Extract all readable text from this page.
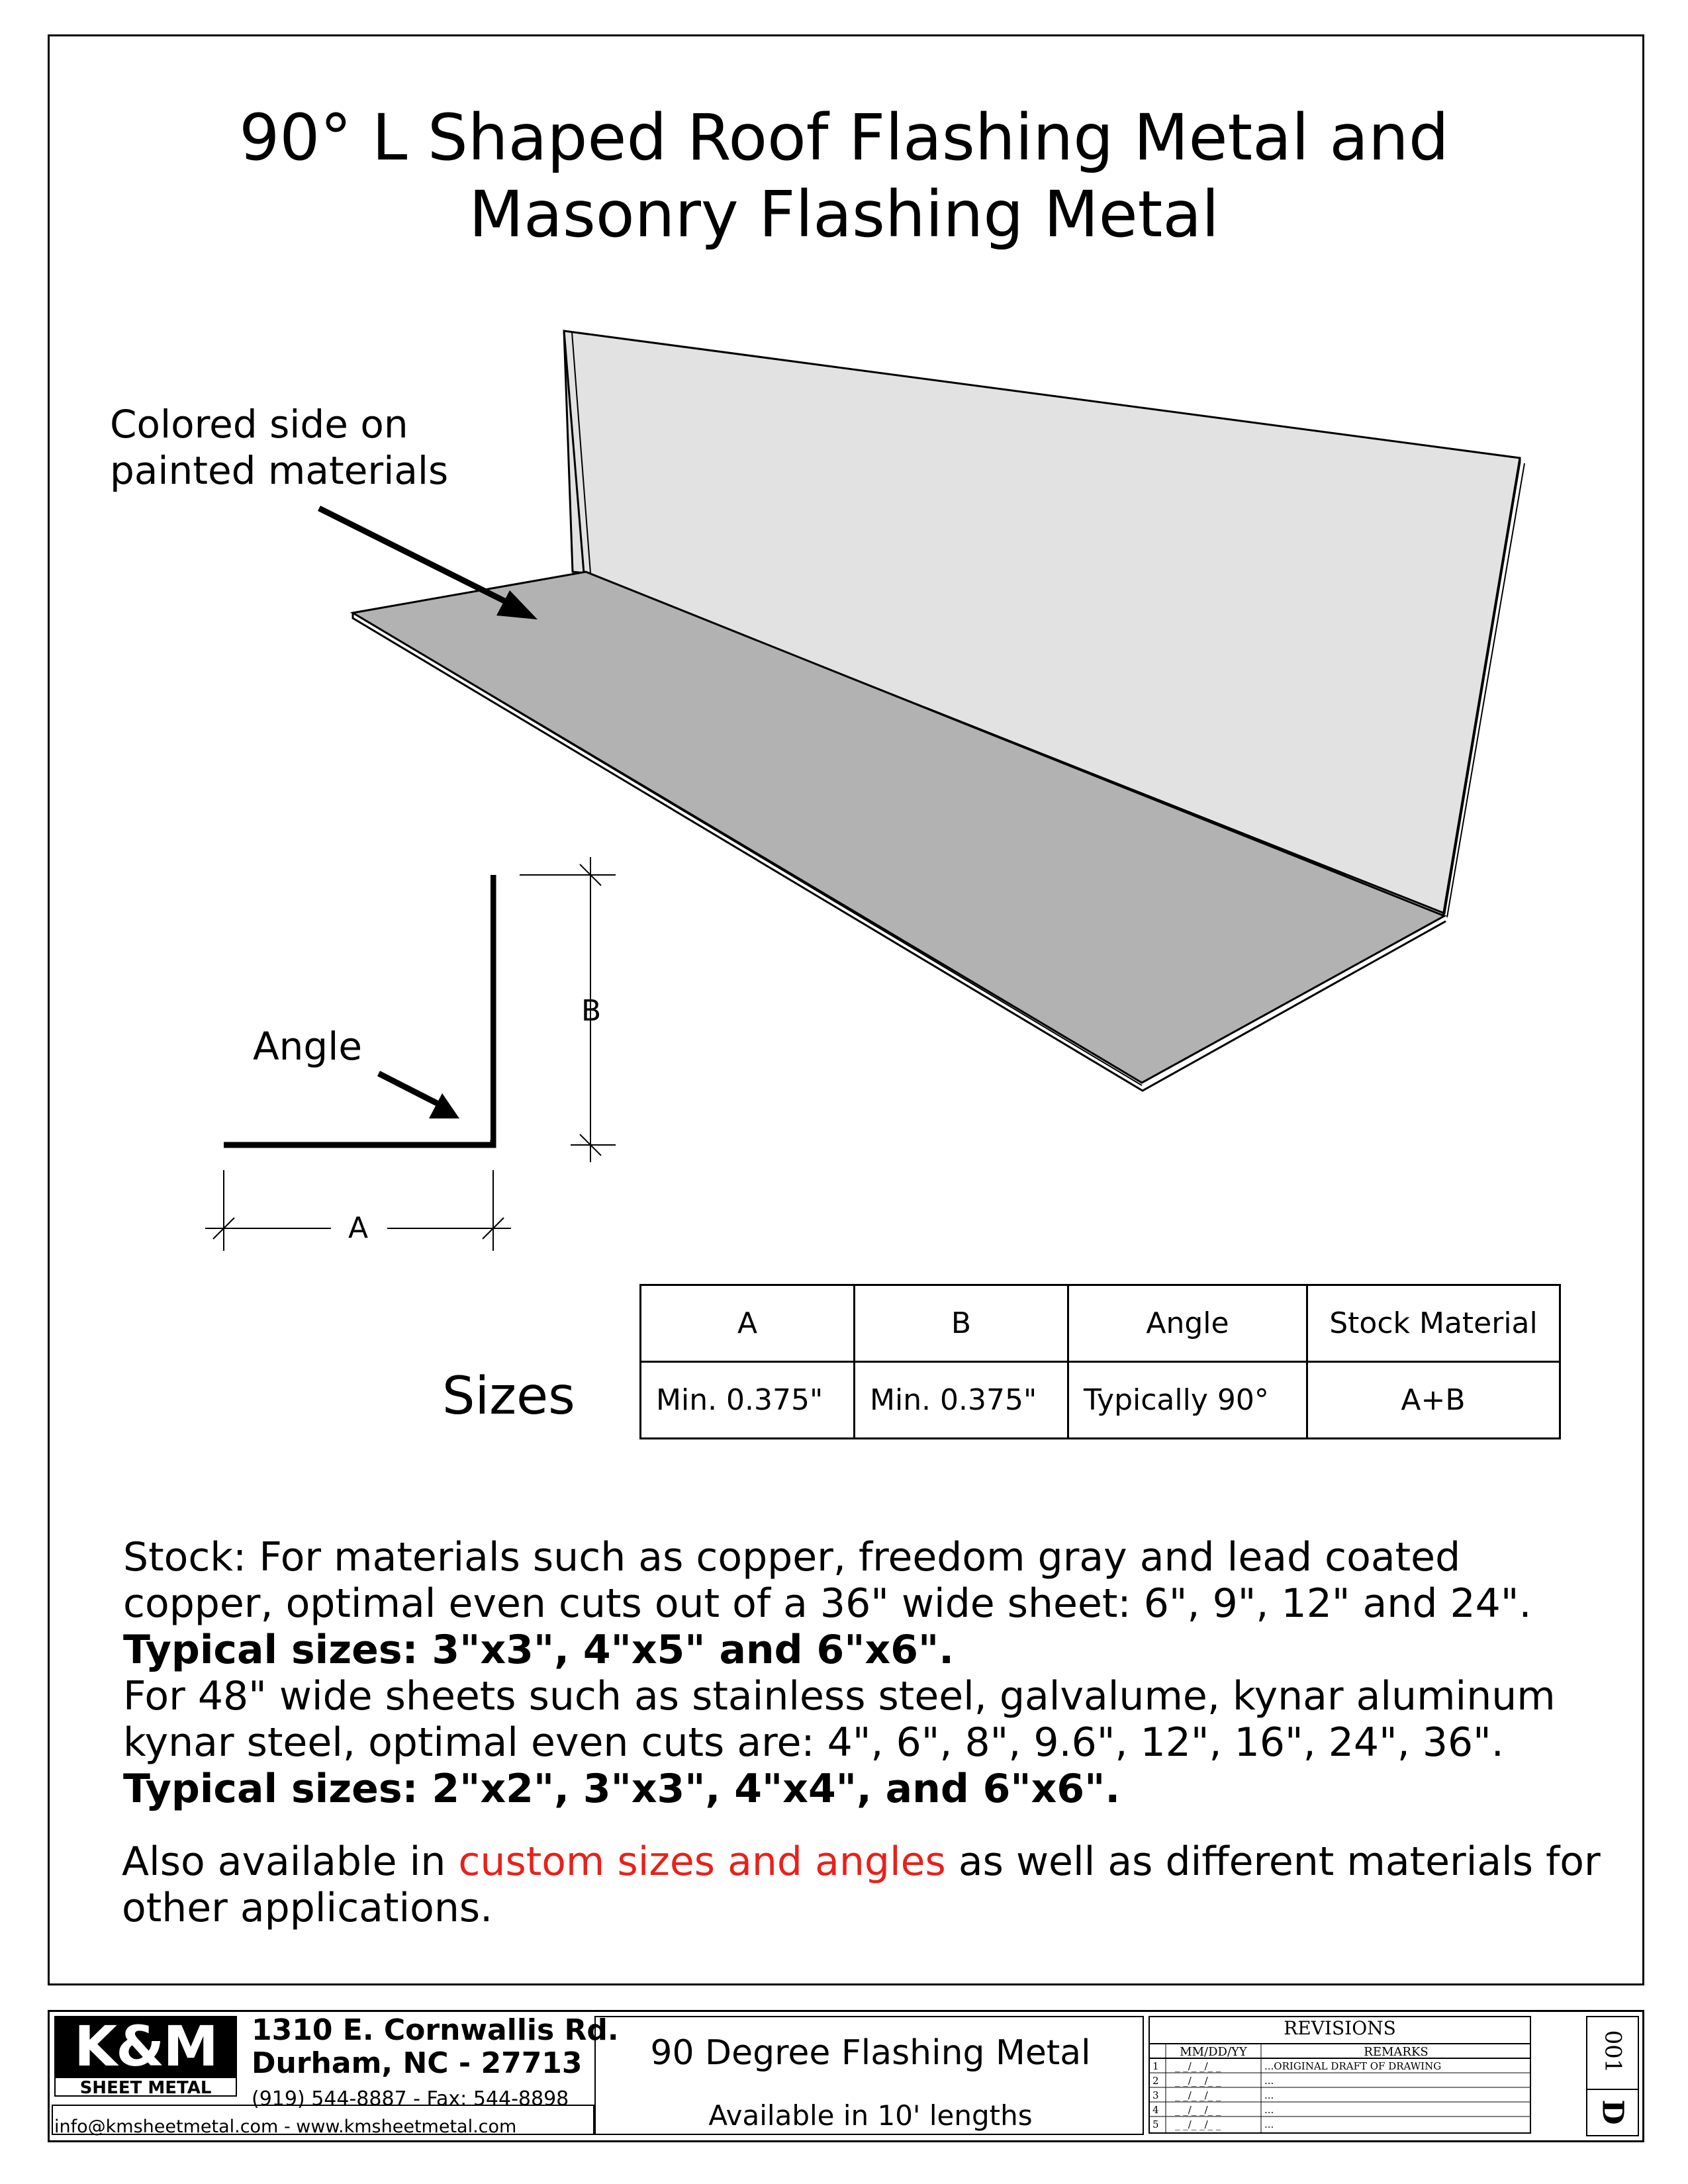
90° L Shaped Roof Flashing Metal and
Masonry Flashing Metal
Colored side on
painted materials
Angle
B
A
Sizes
A	B	Angle	Stock Material
Min. 0.375"	Min. 0.375"	Typically 90°	A+B
Stock: For materials such as copper, freedom gray and lead coated
copper, optimal even cuts out of a 36" wide sheet: 6", 9", 12" and 24".
Typical sizes: 3"x3", 4"x5" and 6"x6".
For 48" wide sheets such as stainless steel, galvalume, kynar aluminum
kynar steel, optimal even cuts are: 4", 6", 8", 9.6", 12", 16", 24", 36".
Typical sizes: 2"x2", 3"x3", 4"x4", and 6"x6".
Also available in custom sizes and angles as well as different materials for
other applications.
K&M
SHEET METAL
1310 E. Cornwallis Rd.
Durham, NC - 27713
(919) 544-8887 - Fax: 544-8898
info@kmsheetmetal.com - www.kmsheetmetal.com
90 Degree Flashing Metal
Available in 10' lengths
REVISIONS
MM/DD/YY	REMARKS
1 _ _/_ _/_ _	...ORIGINAL DRAFT OF DRAWING
2 _ _/_ _/_ _	...
3 _ _/_ _/_ _	...
4 _ _/_ _/_ _	...
5 _ _/_ _/_ _	...
001
D
